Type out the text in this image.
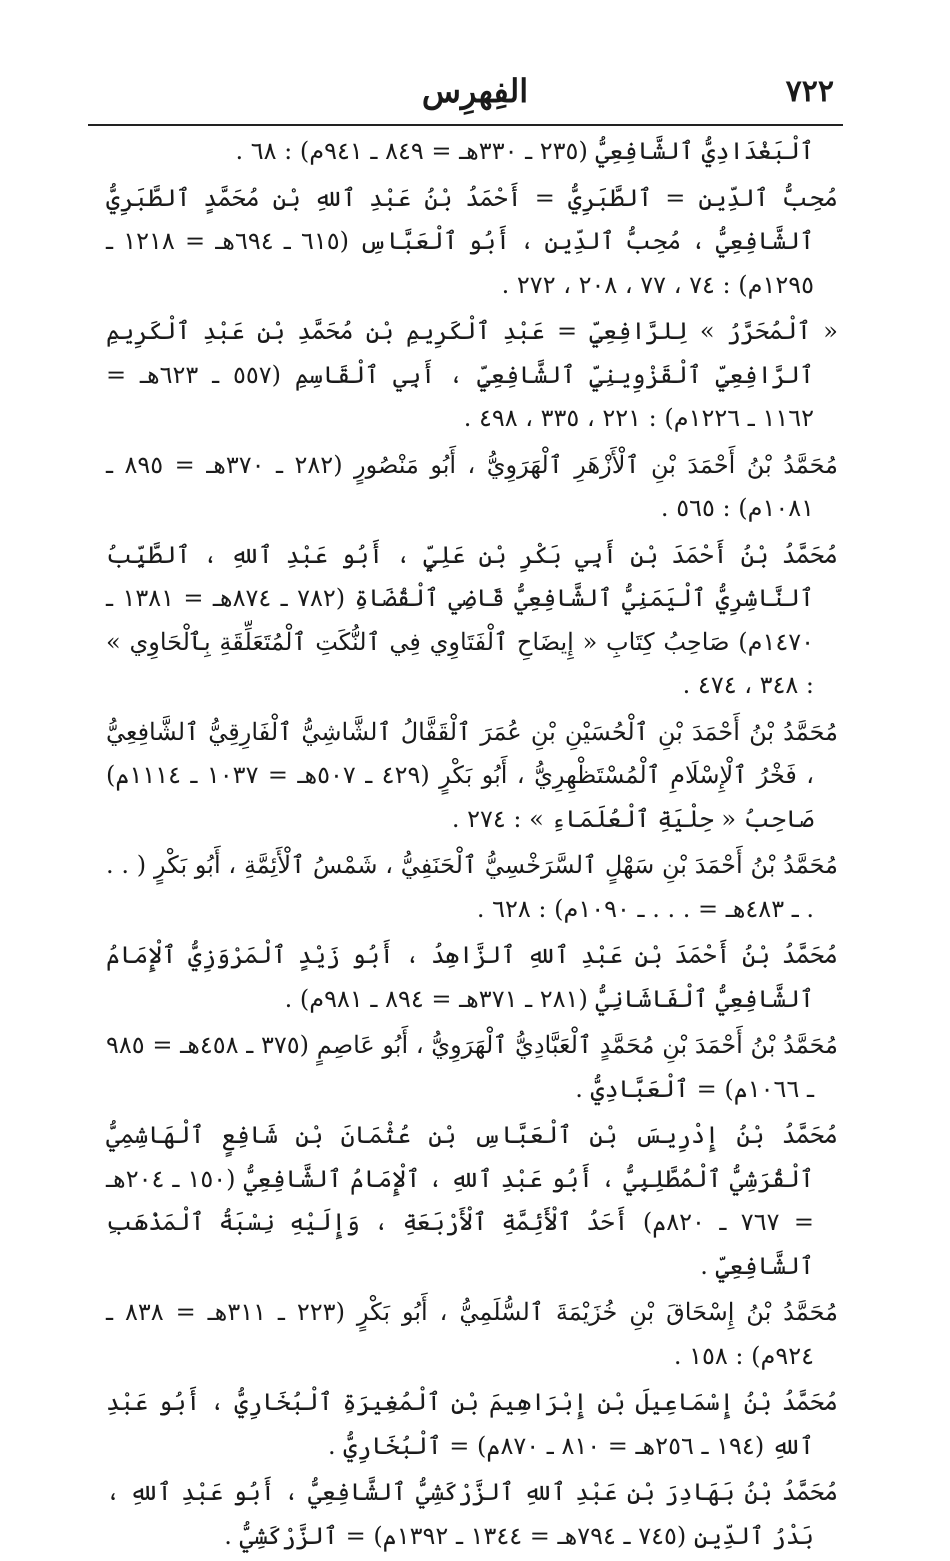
٧٢٢
الفِهرِس

ٱلْبَغْدَادِيُّ ٱلشَّافِعِيُّ (٢٣٥ ـ ٣٣٠هـ = ٨٤٩ ـ ٩٤١م) : ٦٨ .

مُحِبُّ ٱلدِّينِ = ٱلطَّبَرِيُّ = أَحْمَدُ بْنُ عَبْدِ ٱللهِ بْنِ مُحَمَّدٍ ٱلطَّبَرِيُّ ٱلشَّافِعِيُّ ، مُحِبُّ ٱلدِّينِ ، أَبُو ٱلْعَبَّاسِ (٦١٥ ـ ٦٩٤هـ = ١٢١٨ ـ ١٢٩٥م) : ٧٤ ، ٧٧ ، ٢٠٨ ، ٢٧٢ .

« ٱلْمُحَرَّرُ » لِلرَّافِعِيِّ = عَبْدِ ٱلْكَرِيمِ بْنِ مُحَمَّدِ بْنِ عَبْدِ ٱلْكَرِيمِ ٱلرَّافِعِيِّ ٱلْقَزْوِينِيِّ ٱلشَّافِعِيِّ ، أَبِي ٱلْقَاسِمِ (٥٥٧ ـ ٦٢٣هـ = ١١٦٢ ـ ١٢٢٦م) : ٢٢١ ، ٣٣٥ ، ٤٩٨ .

مُحَمَّدُ بْنُ أَحْمَدَ بْنِ ٱلْأَزْهَرِ ٱلْهَرَوِيُّ ، أَبُو مَنْصُورٍ (٢٨٢ ـ ٣٧٠هـ = ٨٩٥ ـ ١٠٨١م) : ٥٦٥ .

مُحَمَّدُ بْنُ أَحْمَدَ بْنِ أَبِي بَكْرِ بْنِ عَلِيٍّ ، أَبُو عَبْدِ ٱللهِ ، ٱلطَّيِّبُ ٱلنَّاشِرِيُّ ٱلْيَمَنِيُّ ٱلشَّافِعِيُّ قَاضِي ٱلْقُضَاةِ (٧٨٢ ـ ٨٧٤هـ = ١٣٨١ ـ ١٤٧٠م) صَاحِبُ كِتَابِ « إِيضَاحِ ٱلْفَتَاوِي فِي ٱلنُّكَتِ ٱلْمُتَعَلِّقَةِ بِٱلْحَاوِي » : ٣٤٨ ، ٤٧٤ .

مُحَمَّدُ بْنُ أَحْمَدَ بْنِ ٱلْحُسَيْنِ بْنِ عُمَرَ ٱلْقَفَّالُ ٱلشَّاشِيُّ ٱلْفَارِقِيُّ ٱلشَّافِعِيُّ ، فَخْرُ ٱلْإِسْلَامِ ٱلْمُسْتَظْهِرِيُّ ، أَبُو بَكْرٍ (٤٢٩ ـ ٥٠٧هـ = ١٠٣٧ ـ ١١١٤م) صَاحِبُ « حِلْيَةِ ٱلْعُلَمَاءِ » : ٢٧٤ .

مُحَمَّدُ بْنُ أَحْمَدَ بْنِ سَهْلٍ ٱلسَّرَخْسِيُّ ٱلْحَنَفِيُّ ، شَمْسُ ٱلْأَئِمَّةِ ، أَبُو بَكْرٍ ( . . . ـ ٤٨٣هـ = . . . ـ ١٠٩٠م) : ٦٢٨ .

مُحَمَّدُ بْنُ أَحْمَدَ بْنِ عَبْدِ ٱللهِ ٱلزَّاهِدُ ، أَبُو زَيْدٍ ٱلْمَرْوَزِيُّ ٱلْإِمَامُ ٱلشَّافِعِيُّ ٱلْفَاشَانِيُّ (٢٨١ ـ ٣٧١هـ = ٨٩٤ ـ ٩٨١م) .

مُحَمَّدُ بْنُ أَحْمَدَ بْنِ مُحَمَّدٍ ٱلْعَبَّادِيُّ ٱلْهَرَوِيُّ ، أَبُو عَاصِمٍ (٣٧٥ ـ ٤٥٨هـ = ٩٨٥ ـ ١٠٦٦م) = ٱلْعَبَّادِيُّ .

مُحَمَّدُ بْنُ إِدْرِيسَ بْنِ ٱلْعَبَّاسِ بْنِ عُثْمَانَ بْنِ شَافِعٍ ٱلْهَاشِمِيُّ ٱلْقُرَشِيُّ ٱلْمُطَّلِبِيُّ ، أَبُو عَبْدِ ٱللهِ ، ٱلْإِمَامُ ٱلشَّافِعِيُّ (١٥٠ ـ ٢٠٤هـ = ٧٦٧ ـ ٨٢٠م) أَحَدُ ٱلْأَئِمَّةِ ٱلْأَرْبَعَةِ ، وَإِلَيْهِ نِسْبَةُ ٱلْمَذْهَبِ ٱلشَّافِعِيِّ .

مُحَمَّدُ بْنُ إِسْحَاقَ بْنِ خُزَيْمَةَ ٱلسُّلَمِيُّ ، أَبُو بَكْرٍ (٢٢٣ ـ ٣١١هـ = ٨٣٨ ـ ٩٢٤م) : ١٥٨ .

مُحَمَّدُ بْنُ إِسْمَاعِيلَ بْنِ إِبْرَاهِيمَ بْنِ ٱلْمُغِيرَةِ ٱلْبُخَارِيُّ ، أَبُو عَبْدِ ٱللهِ (١٩٤ ـ ٢٥٦هـ = ٨١٠ ـ ٨٧٠م) = ٱلْبُخَارِيُّ .

مُحَمَّدُ بْنُ بَهَادِرَ بْنِ عَبْدِ ٱللهِ ٱلزَّرْكَشِيُّ ٱلشَّافِعِيُّ ، أَبُو عَبْدِ ٱللهِ ، بَدْرُ ٱلدِّينِ (٧٤٥ ـ ٧٩٤هـ = ١٣٤٤ ـ ١٣٩٢م) = ٱلزَّرْكَشِيُّ .
